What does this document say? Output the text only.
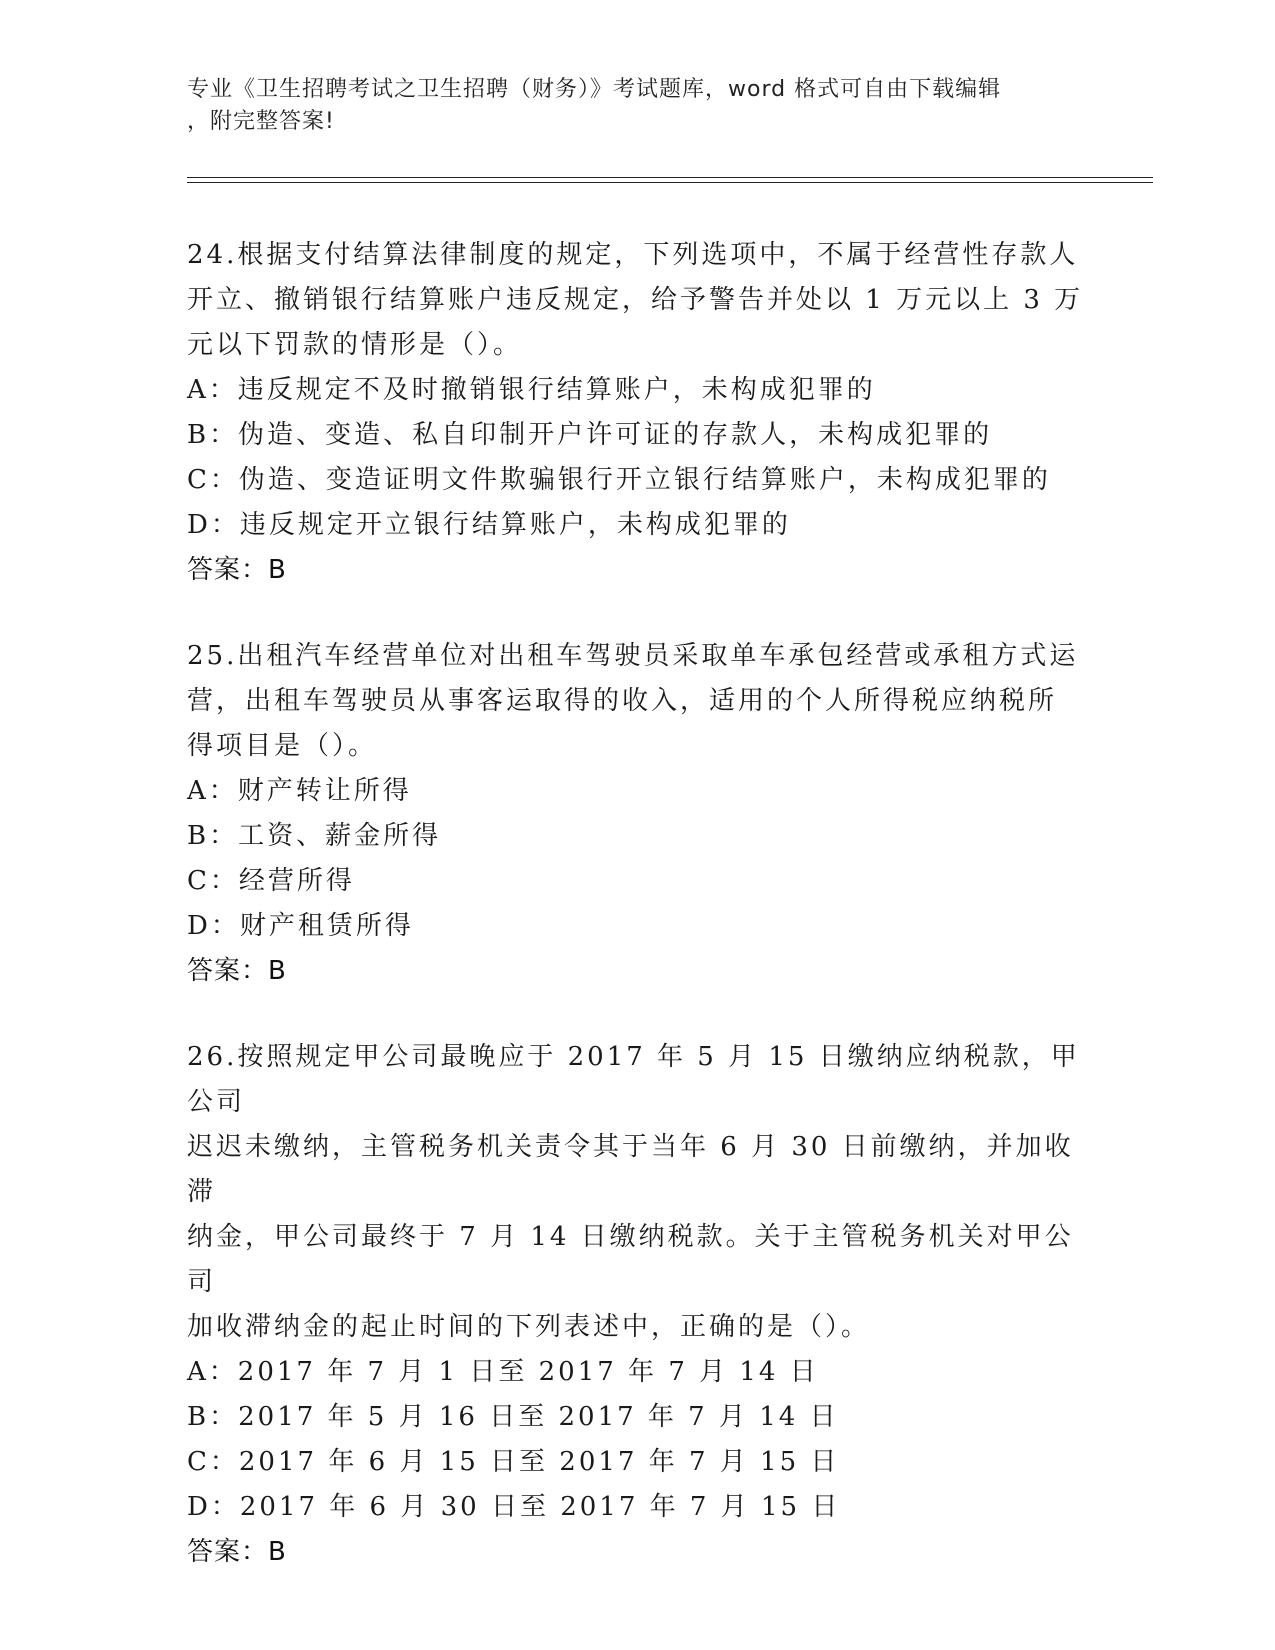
专业《卫生招聘考试之卫生招聘（财务）》考试题库，word 格式可自由下载编辑

，附完整答案!

24.根据支付结算法律制度的规定，下列选项中，不属于经营性存款人

开立、撤销银行结算账户违反规定，给予警告并处以 1 万元以上 3 万

元以下罚款的情形是（）。

A：违反规定不及时撤销银行结算账户，未构成犯罪的

B：伪造、变造、私自印制开户许可证的存款人，未构成犯罪的

C：伪造、变造证明文件欺骗银行开立银行结算账户，未构成犯罪的

D：违反规定开立银行结算账户，未构成犯罪的

答案：B

25.出租汽车经营单位对出租车驾驶员采取单车承包经营或承租方式运

营，出租车驾驶员从事客运取得的收入，适用的个人所得税应纳税所

得项目是（）。

A：财产转让所得

B：工资、薪金所得

C：经营所得

D：财产租赁所得

答案：B

26.按照规定甲公司最晚应于 2017 年 5 月 15 日缴纳应纳税款，甲公司

迟迟未缴纳，主管税务机关责令其于当年 6 月 30 日前缴纳，并加收滞

纳金，甲公司最终于 7 月 14 日缴纳税款。关于主管税务机关对甲公司

加收滞纳金的起止时间的下列表述中，正确的是（）。

A：2017 年 7 月 1 日至 2017 年 7 月 14 日

B：2017 年 5 月 16 日至 2017 年 7 月 14 日

C：2017 年 6 月 15 日至 2017 年 7 月 15 日

D：2017 年 6 月 30 日至 2017 年 7 月 15 日

答案：B
